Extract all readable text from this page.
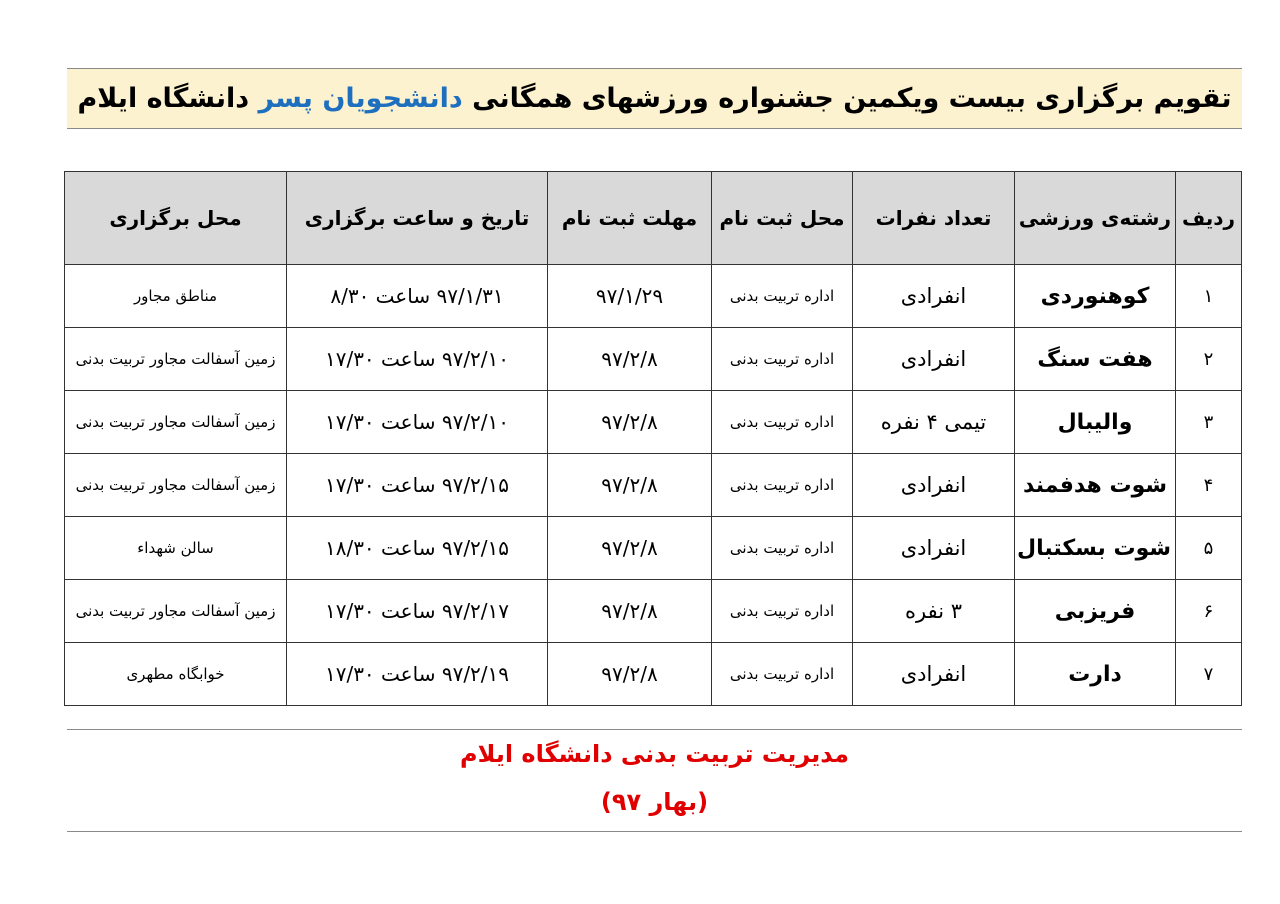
تقویم برگزاری بیست ویکمین جشنواره ورزشهای همگانی دانشجویان پسر دانشگاه ایلام
ردیف	رشته‌ی ورزشی	تعداد نفرات	محل ثبت نام	مهلت ثبت نام	تاریخ و ساعت برگزاری	محل برگزاری
۱	کوهنوردی	انفرادی	اداره تربیت بدنی	۹۷/۱/۲۹	۹۷/۱/۳۱ ساعت ۸/۳۰	مناطق مجاور
۲	هفت سنگ	انفرادی	اداره تربیت بدنی	۹۷/۲/۸	۹۷/۲/۱۰ ساعت ۱۷/۳۰	زمین آسفالت مجاور تربیت بدنی
۳	والیبال	تیمی ۴ نفره	اداره تربیت بدنی	۹۷/۲/۸	۹۷/۲/۱۰ ساعت ۱۷/۳۰	زمین آسفالت مجاور تربیت بدنی
۴	شوت هدفمند	انفرادی	اداره تربیت بدنی	۹۷/۲/۸	۹۷/۲/۱۵ ساعت ۱۷/۳۰	زمین آسفالت مجاور تربیت بدنی
۵	شوت بسکتبال	انفرادی	اداره تربیت بدنی	۹۷/۲/۸	۹۷/۲/۱۵ ساعت ۱۸/۳۰	سالن شهداء
۶	فریزبی	۳ نفره	اداره تربیت بدنی	۹۷/۲/۸	۹۷/۲/۱۷ ساعت ۱۷/۳۰	زمین آسفالت مجاور تربیت بدنی
۷	دارت	انفرادی	اداره تربیت بدنی	۹۷/۲/۸	۹۷/۲/۱۹ ساعت ۱۷/۳۰	خوابگاه مطهری
مدیریت تربیت بدنی دانشگاه ایلام
(بهار ۹۷)
